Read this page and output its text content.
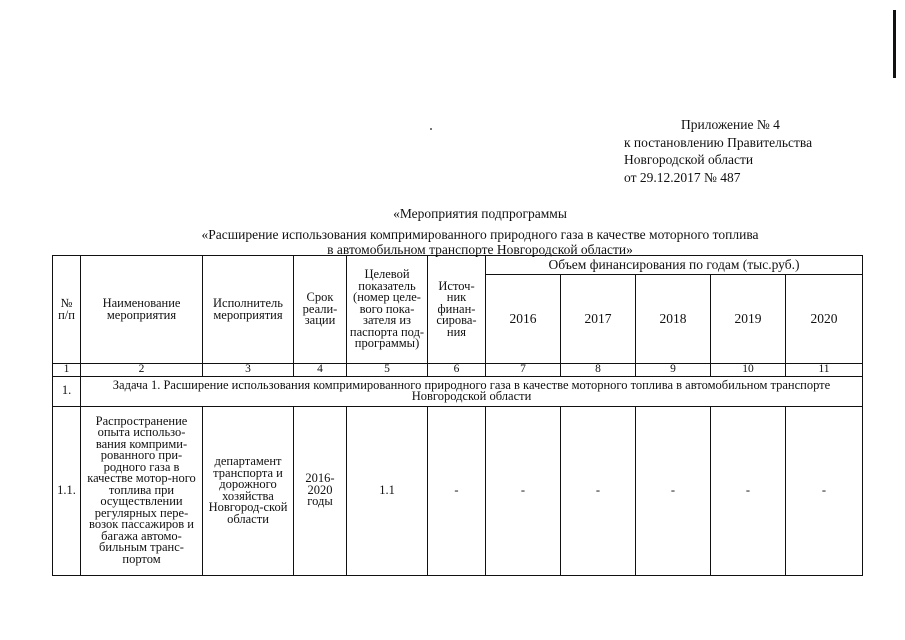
Приложение № 4
к постановлению Правительства
Новгородской области
от 29.12.2017 № 487
«Мероприятия подпрограммы
«Расширение использования компримированного природного газа в качестве моторного топлива
в автомобильном транспорте Новгородской области»
№ п/п	Наименование мероприятия	Исполнитель мероприятия	Срок реали-зации	Целевой показатель (номер целе-вого пока-зателя из паспорта под-программы)	Источ-ник финан-сирова-ния	Объем финансирования по годам (тыс.руб.)				
						2016	2017	2018	2019	2020
1	2	3	4	5	6	7	8	9	10	11
1.	Задача 1. Расширение использования компримированного природного газа в качестве моторного топлива в автомобильном транспорте Новгородской области									
1.1.	Распространение опыта использо-вания комприми-рованного при-родного газа в качестве мотор-ного топлива при осуществлении регулярных пере-возок пассажиров и багажа автомо-бильным транс-портом	департамент транспорта и дорожного хозяйства Новгород-ской области	2016-2020 годы	1.1	-	-	-	-	-	-
